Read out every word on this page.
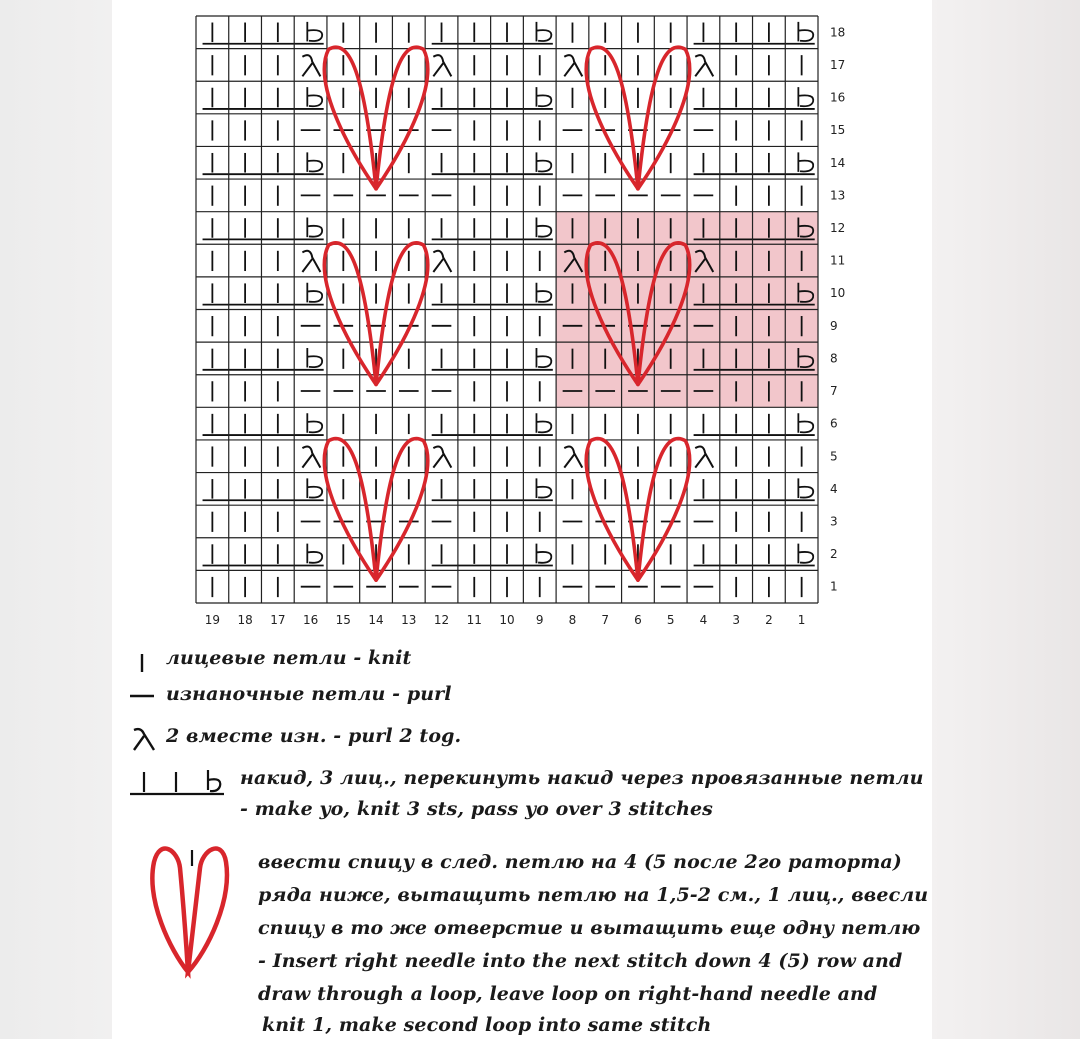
19 18 17 16 15 14 13 12 11 10 9 8 7 6 5 4 3 2 1
1
2
3
4
5
6
7
8
9
10
11
12
13
14
15
16
17
18
лицевые петли - knit
изнаночные петли - purl
2 вместе изн. - purl 2 tog.
накид, 3 лиц., перекинуть накид через провязанные петли
- make yo, knit 3 sts, pass yo over 3 stitches
ввести спицу в след. петлю на 4 (5 после 2го ратортa)
ряда ниже, вытащить петлю на 1,5-2 см., 1 лиц., ввесли
спицу в то же отверстие и вытащить еще одну петлю
- Insert right needle into the next stitch down 4 (5) row and
draw through a loop, leave loop on right-hand needle and
knit 1, make second loop into same stitch
